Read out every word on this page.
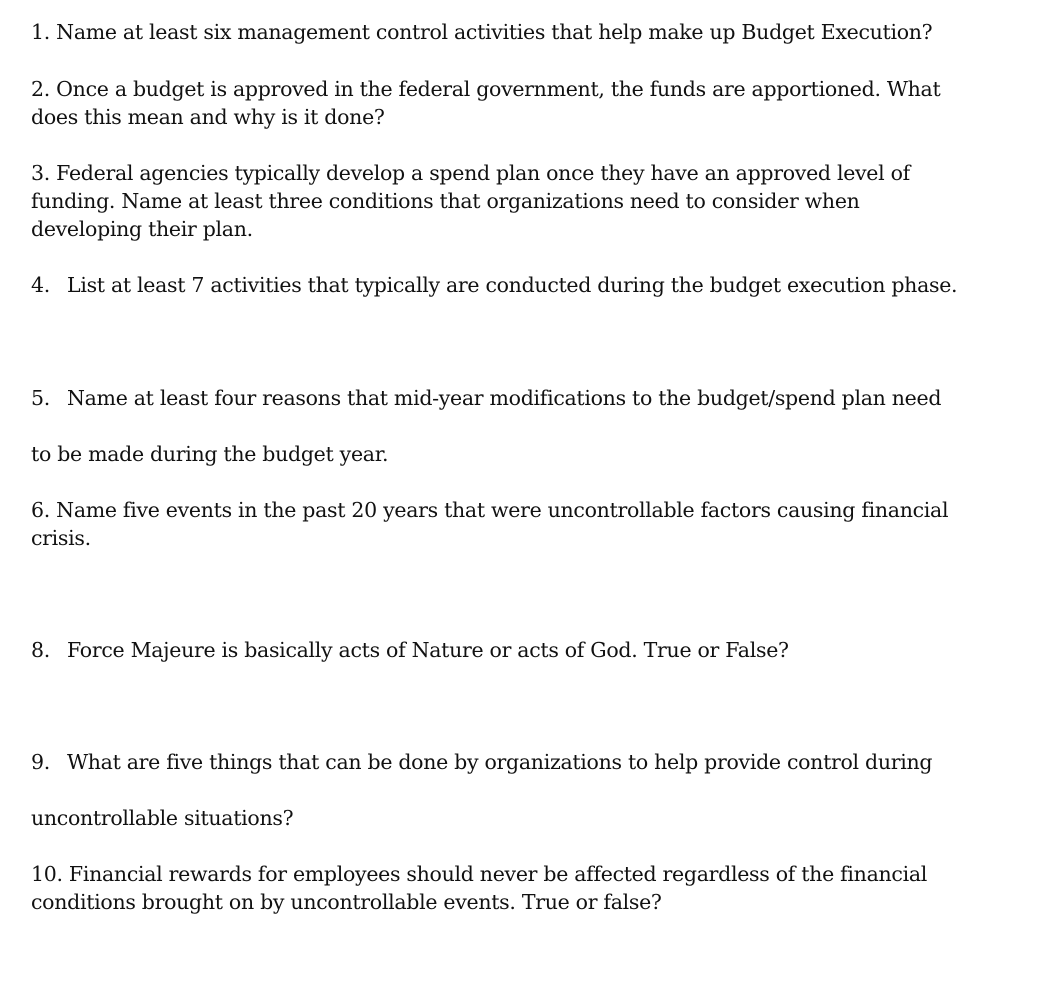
1. Name at least six management control activities that help make up Budget Execution?

2. Once a budget is approved in the federal government, the funds are apportioned. What

does this mean and why is it done?

3. Federal agencies typically develop a spend plan once they have an approved level of

funding. Name at least three conditions that organizations need to consider when

developing their plan.

4. List at least 7 activities that typically are conducted during the budget execution phase.

5. Name at least four reasons that mid-year modifications to the budget/spend plan need

to be made during the budget year.

6. Name five events in the past 20 years that were uncontrollable factors causing financial

crisis.

8. Force Majeure is basically acts of Nature or acts of God. True or False?

9. What are five things that can be done by organizations to help provide control during

uncontrollable situations?

10. Financial rewards for employees should never be affected regardless of the financial

conditions brought on by uncontrollable events. True or false?
